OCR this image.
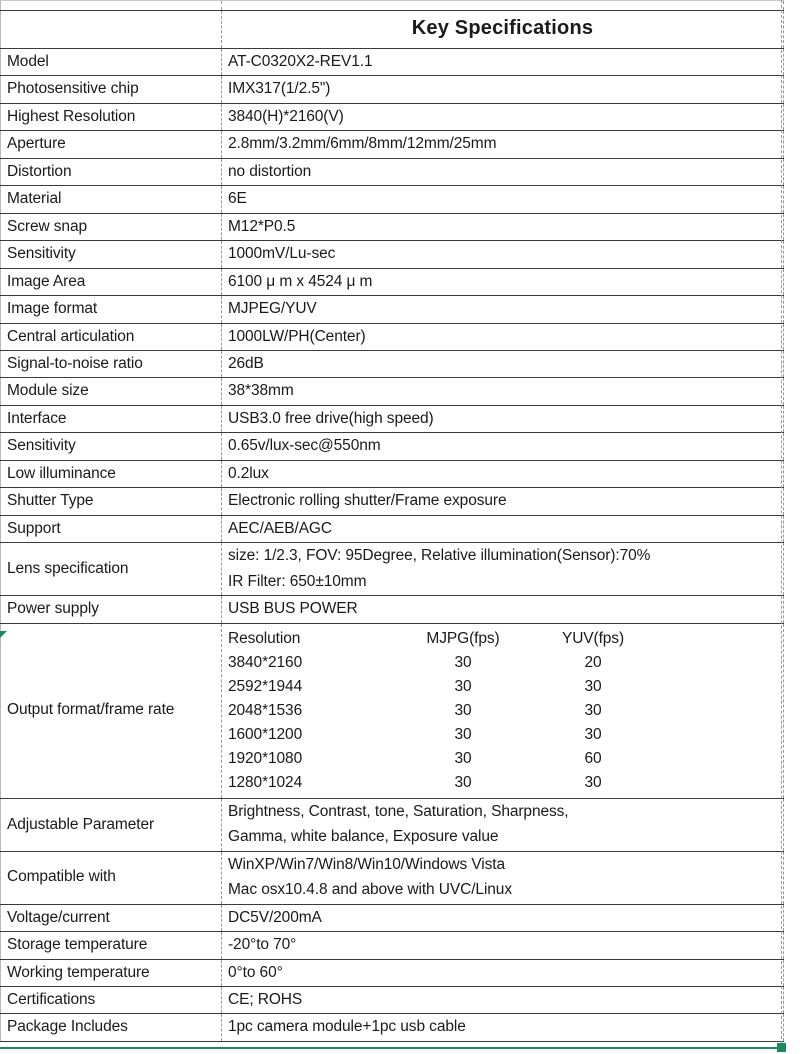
	Key Specifications
Model	AT-C0320X2-REV1.1
Photosensitive chip	IMX317(1/2.5")
Highest Resolution	3840(H)*2160(V)
Aperture	2.8mm/3.2mm/6mm/8mm/12mm/25mm
Distortion	no distortion
Material	6E
Screw snap	M12*P0.5
Sensitivity	1000mV/Lu-sec
Image Area	6100 μ m x 4524 μ m
Image format	MJPEG/YUV
Central articulation	1000LW/PH(Center)
Signal-to-noise ratio	26dB
Module size	38*38mm
Interface	USB3.0 free drive(high speed)
Sensitivity	0.65v/lux-sec@550nm
Low illuminance	0.2lux
Shutter Type	Electronic rolling shutter/Frame exposure
Support	AEC/AEB/AGC
Lens specification	
size: 1/2.3, FOV: 95Degree, Relative illumination(Sensor):70%
IR Filter: 650±10mm

Power supply	USB BUS POWER
Output format/frame rate	
Resolution	MJPG(fps)	YUV(fps)
3840*2160	30	20
2592*1944	30	30
2048*1536	30	30
1600*1200	30	30
1920*1080	30	60
1280*1024	30	30

Adjustable Parameter	
Brightness, Contrast, tone, Saturation, Sharpness,
Gamma, white balance, Exposure value

Compatible with	
WinXP/Win7/Win8/Win10/Windows Vista
Mac osx10.4.8 and above with UVC/Linux

Voltage/current	DC5V/200mA
Storage temperature	-20°to 70°
Working temperature	0°to 60°
Certifications	CE; ROHS
Package Includes	1pc camera module+1pc usb cable
